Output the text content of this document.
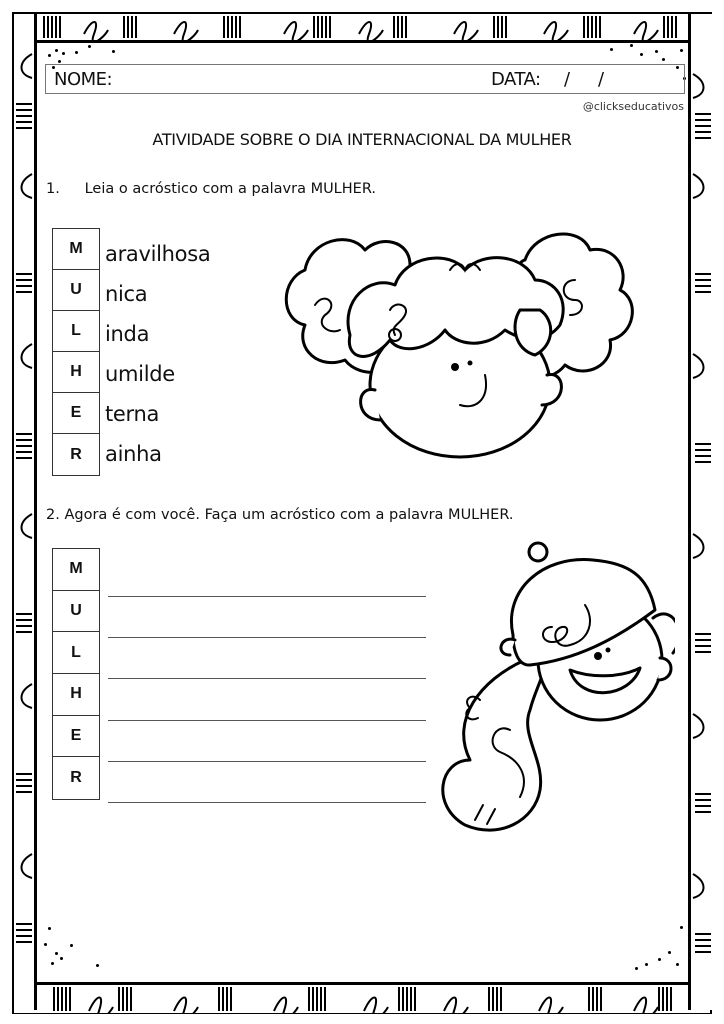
NOME:	DATA: / /
@clickseducativos
ATIVIDADE SOBRE O DIA INTERNACIONAL DA MULHER
1. Leia o acróstico com a palavra MULHER.
M
U
L
H
E
R
aravilhosa
nica
inda
umilde
terna
ainha
2. Agora é com você. Faça um acróstico com a palavra MULHER.
M
U
L
H
E
R
